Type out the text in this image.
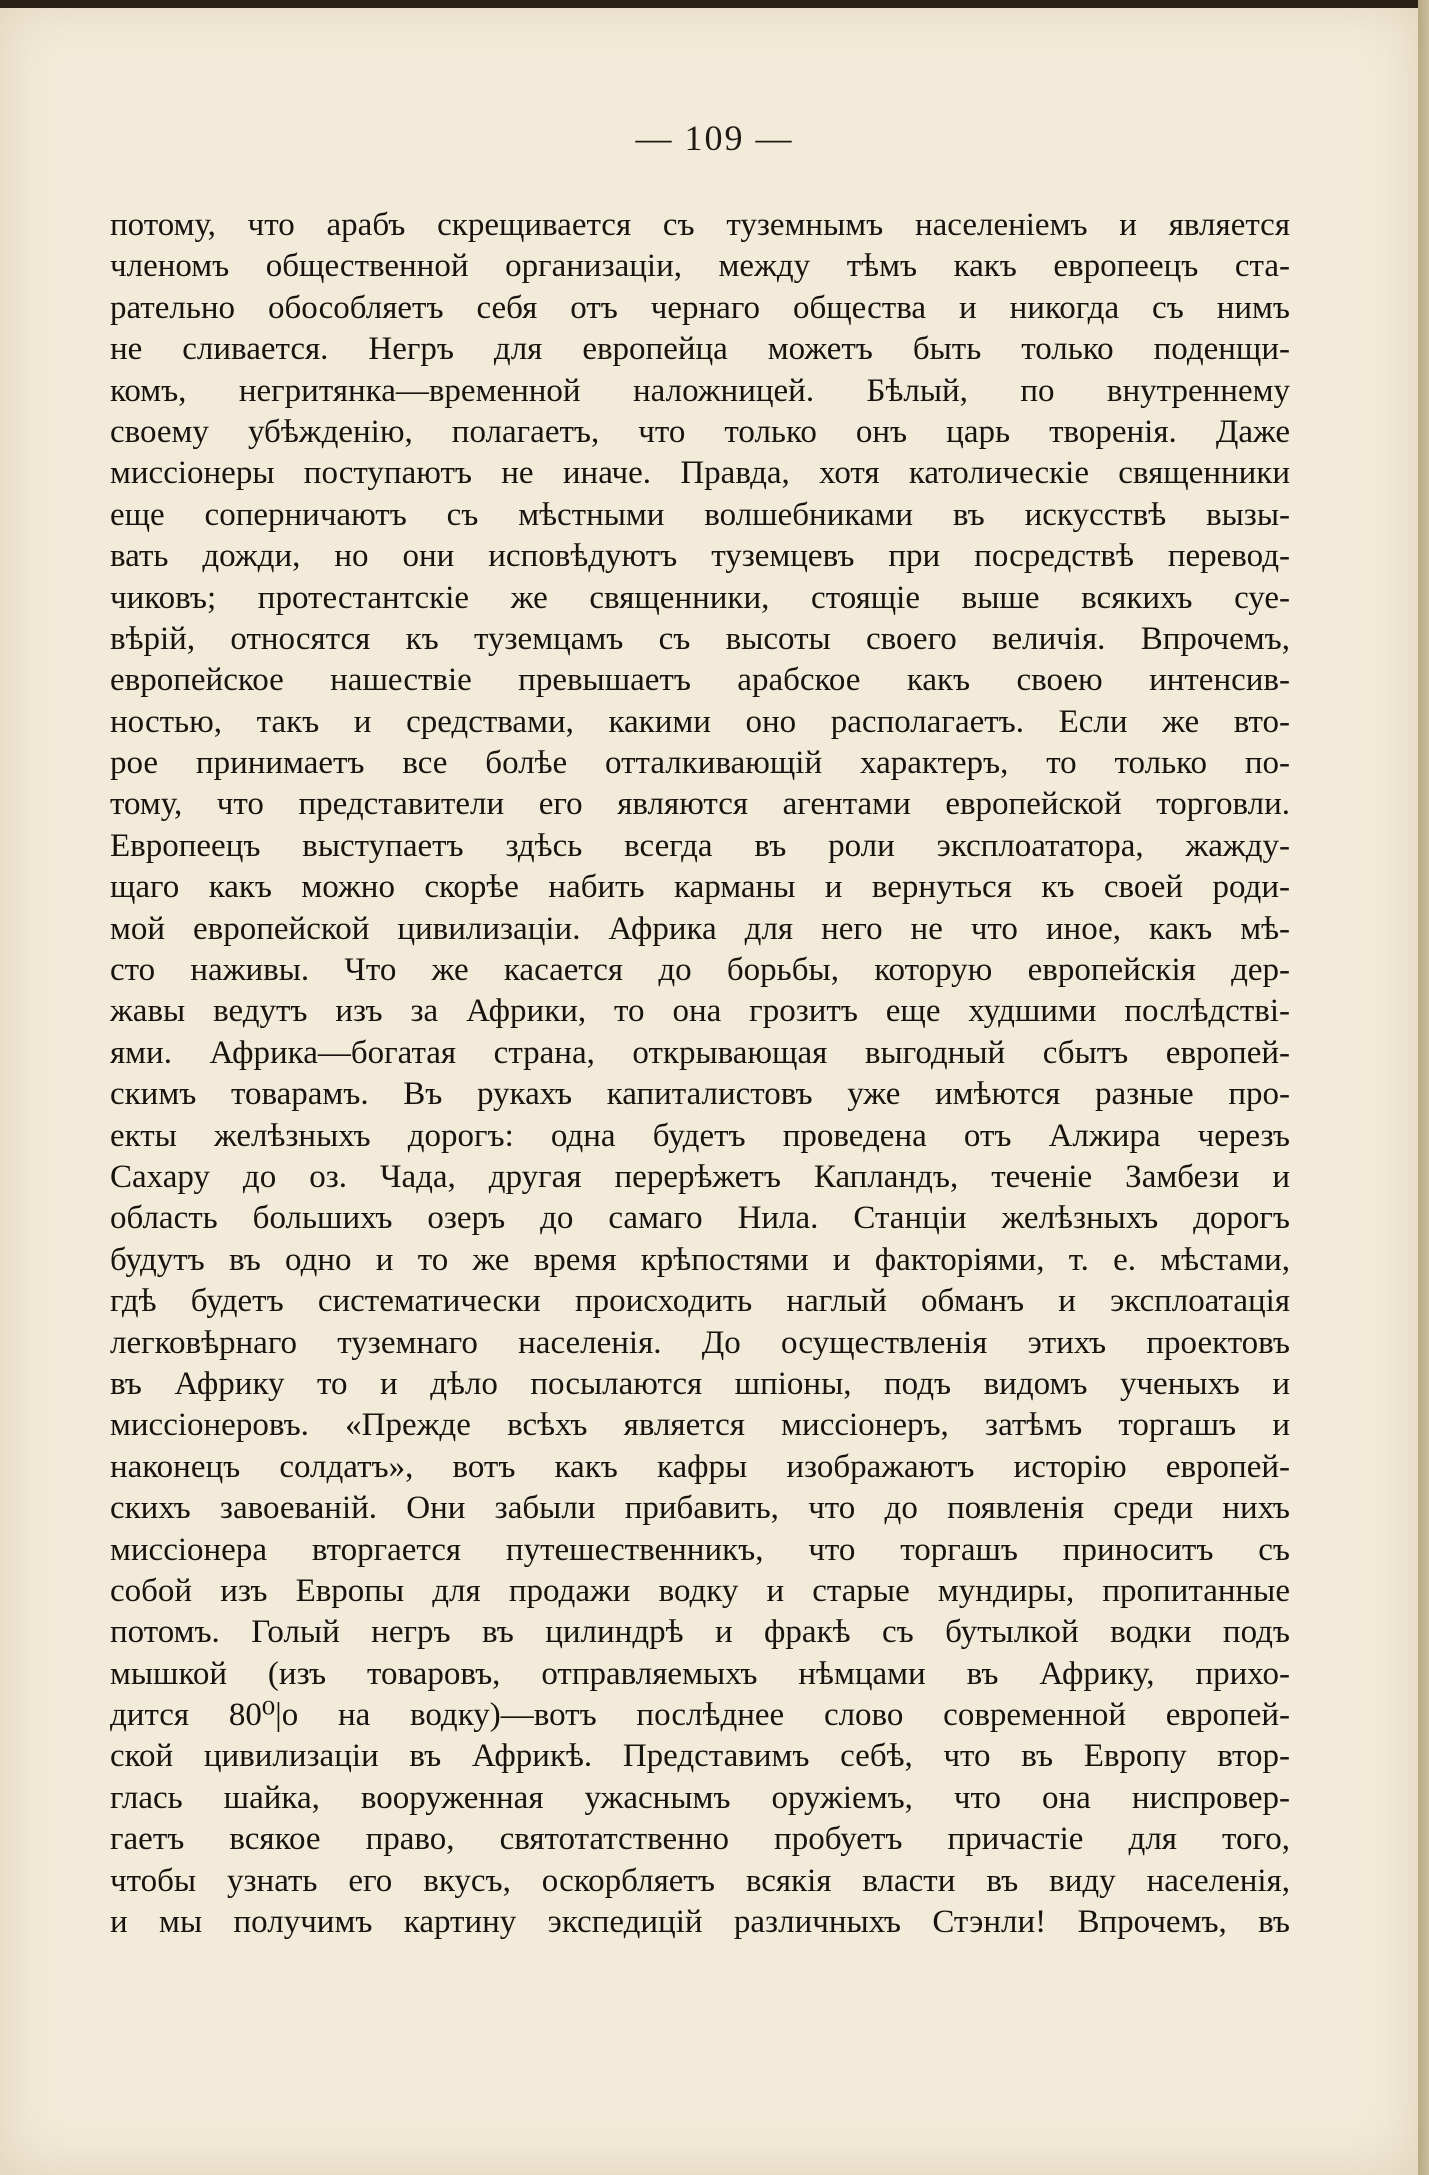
— 109 —
потому, что арабъ скрещивается съ туземнымъ населеніемъ и является
членомъ общественной организаціи, между тѣмъ какъ европеецъ ста-
рательно обособляетъ себя отъ чернаго общества и никогда съ нимъ
не сливается. Негръ для европейца можетъ быть только поденщи-
комъ, негритянка—временной наложницей. Бѣлый, по внутреннему
своему убѣжденію, полагаетъ, что только онъ царь творенія. Даже
миссіонеры поступаютъ не иначе. Правда, хотя католическіе священники
еще соперничаютъ съ мѣстными волшебниками въ искусствѣ вызы-
вать дожди, но они исповѣдуютъ туземцевъ при посредствѣ перевод-
чиковъ; протестантскіе же священники, стоящіе выше всякихъ суе-
вѣрій, относятся къ туземцамъ съ высоты своего величія. Впрочемъ,
европейское нашествіе превышаетъ арабское какъ своею интенсив-
ностью, такъ и средствами, какими оно располагаетъ. Если же вто-
рое принимаетъ все болѣе отталкивающій характеръ, то только по-
тому, что представители его являются агентами европейской торговли.
Европеецъ выступаетъ здѣсь всегда въ роли эксплоататора, жажду-
щаго какъ можно скорѣе набить карманы и вернуться къ своей роди-
мой европейской цивилизаціи. Африка для него не что иное, какъ мѣ-
сто наживы. Что же касается до борьбы, которую европейскія дер-
жавы ведутъ изъ за Африки, то она грозитъ еще худшими послѣдстві-
ями. Африка—богатая страна, открывающая выгодный сбытъ европей-
скимъ товарамъ. Въ рукахъ капиталистовъ уже имѣются разные про-
екты желѣзныхъ дорогъ: одна будетъ проведена отъ Алжира черезъ
Сахару до оз. Чада, другая перерѣжетъ Капландъ, теченіе Замбези и
область большихъ озеръ до самаго Нила. Станціи желѣзныхъ дорогъ
будутъ въ одно и то же время крѣпостями и факторіями, т. е. мѣстами,
гдѣ будетъ систематически происходить наглый обманъ и эксплоатація
легковѣрнаго туземнаго населенія. До осуществленія этихъ проектовъ
въ Африку то и дѣло посылаются шпіоны, подъ видомъ ученыхъ и
миссіонеровъ. «Прежде всѣхъ является миссіонеръ, затѣмъ торгашъ и
наконецъ солдатъ», вотъ какъ кафры изображаютъ исторію европей-
скихъ завоеваній. Они забыли прибавить, что до появленія среди нихъ
миссіонера вторгается путешественникъ, что торгашъ приноситъ съ
собой изъ Европы для продажи водку и старые мундиры, пропитанные
потомъ. Голый негръ въ цилиндрѣ и фракѣ съ бутылкой водки подъ
мышкой (изъ товаровъ, отправляемыхъ нѣмцами въ Африку, прихо-
дится 80⁰|о на водку)—вотъ послѣднее слово современной европей-
ской цивилизаціи въ Африкѣ. Представимъ себѣ, что въ Европу втор-
глась шайка, вооруженная ужаснымъ оружіемъ, что она ниспровер-
гаетъ всякое право, святотатственно пробуетъ причастіе для того,
чтобы узнать его вкусъ, оскорбляетъ всякія власти въ виду населенія,
и мы получимъ картину экспедицій различныхъ Стэнли! Впрочемъ, въ
